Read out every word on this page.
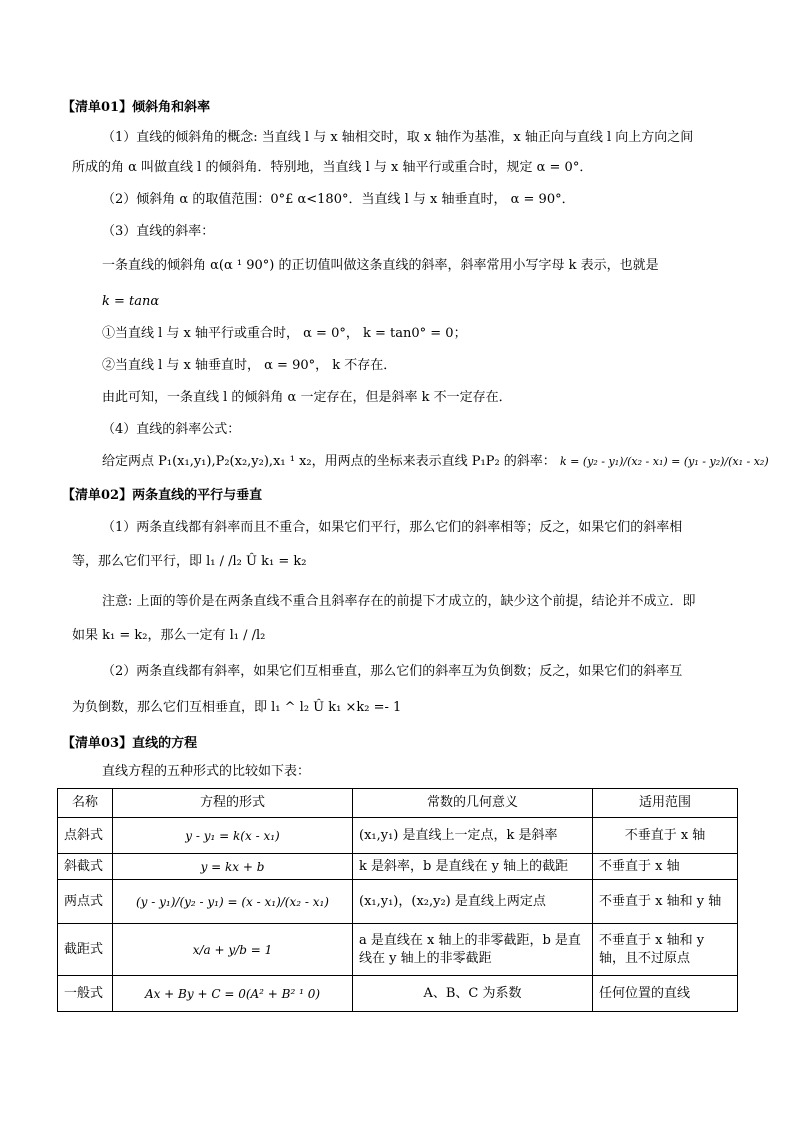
【清单01】倾斜角和斜率
（1）直线的倾斜角的概念: 当直线 l 与 x 轴相交时，取 x 轴作为基准，x 轴正向与直线 l 向上方向之间
所成的角 α 叫做直线 l 的倾斜角．特别地，当直线 l 与 x 轴平行或重合时，规定 α = 0°．
（2）倾斜角 α 的取值范围：0°£ α<180°．当直线 l 与 x 轴垂直时， α = 90°．
（3）直线的斜率：
一条直线的倾斜角 α(α ¹ 90°) 的正切值叫做这条直线的斜率，斜率常用小写字母 k 表示，也就是
k = tanα
①当直线 l 与 x 轴平行或重合时， α = 0°， k = tan0° = 0；
②当直线 l 与 x 轴垂直时， α = 90°， k 不存在．
由此可知，一条直线 l 的倾斜角 α 一定存在，但是斜率 k 不一定存在．
（4）直线的斜率公式：
给定两点 P₁(x₁,y₁),P₂(x₂,y₂),x₁ ¹ x₂，用两点的坐标来表示直线 P₁P₂ 的斜率： k = (y₂ - y₁)/(x₂ - x₁) = (y₁ - y₂)/(x₁ - x₂)
【清单02】两条直线的平行与垂直
（1）两条直线都有斜率而且不重合，如果它们平行，那么它们的斜率相等；反之，如果它们的斜率相
等，那么它们平行，即 l₁ / /l₂ Û k₁ = k₂
注意: 上面的等价是在两条直线不重合且斜率存在的前提下才成立的，缺少这个前提，结论并不成立．即
如果 k₁ = k₂，那么一定有 l₁ / /l₂
（2）两条直线都有斜率，如果它们互相垂直，那么它们的斜率互为负倒数；反之，如果它们的斜率互
为负倒数，那么它们互相垂直，即 l₁ ^ l₂ Û k₁ ×k₂ =- 1
【清单03】直线的方程
直线方程的五种形式的比较如下表：
名称	方程的形式	常数的几何意义	适用范围
点斜式	y - y₁ = k(x - x₁)	(x₁,y₁) 是直线上一定点，k 是斜率	不垂直于 x 轴
斜截式	y = kx + b	k 是斜率，b 是直线在 y 轴上的截距	不垂直于 x 轴
两点式	(y - y₁)/(y₂ - y₁) = (x - x₁)/(x₂ - x₁)	(x₁,y₁)，(x₂,y₂) 是直线上两定点	不垂直于 x 轴和 y 轴
截距式	x/a + y/b = 1	a 是直线在 x 轴上的非零截距，b 是直线在 y 轴上的非零截距	不垂直于 x 轴和 y 轴，且不过原点
一般式	Ax + By + C = 0(A² + B² ¹ 0)	A、B、C 为系数	任何位置的直线
